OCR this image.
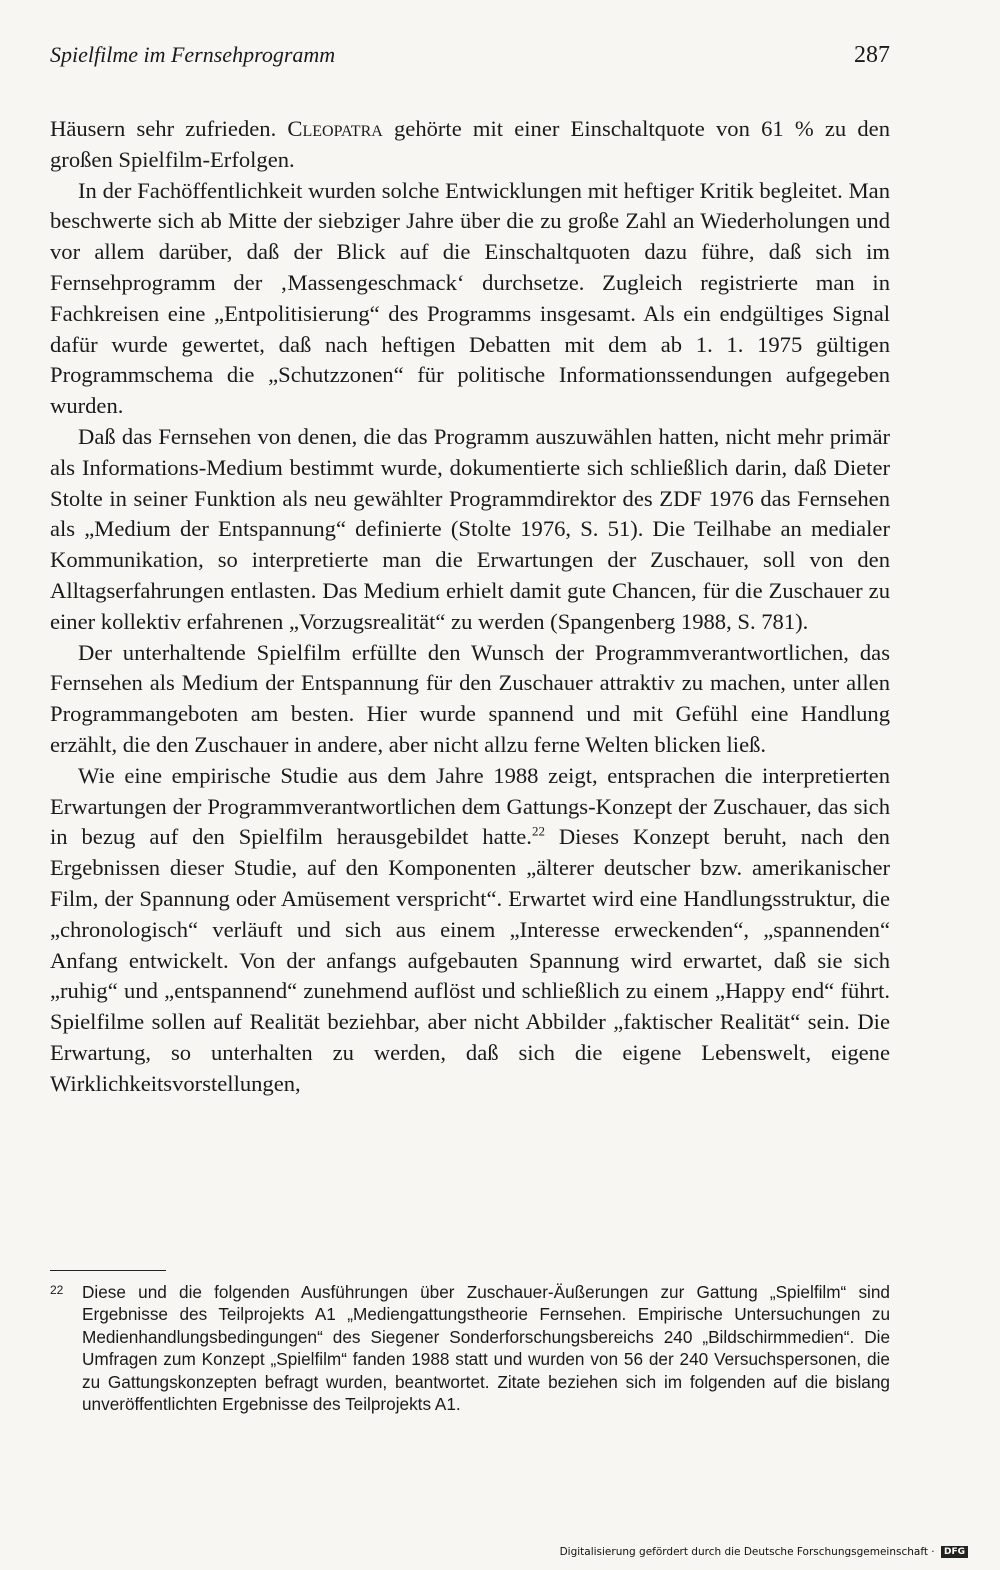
Spielfilme im Fernsehprogramm	287

Häusern sehr zufrieden. Cleopatra gehörte mit einer Einschaltquote von 61 % zu den großen Spielfilm-Erfolgen.

In der Fachöffentlichkeit wurden solche Entwicklungen mit heftiger Kritik begleitet. Man beschwerte sich ab Mitte der siebziger Jahre über die zu große Zahl an Wiederholungen und vor allem darüber, daß der Blick auf die Einschaltquoten dazu führe, daß sich im Fernsehprogramm der ‚Massengeschmack‘ durchsetze. Zugleich registrierte man in Fachkreisen eine „Entpolitisierung“ des Programms insgesamt. Als ein endgültiges Signal dafür wurde gewertet, daß nach heftigen Debatten mit dem ab 1. 1. 1975 gültigen Programmschema die „Schutzzonen“ für politische Informationssendungen aufgegeben wurden.

Daß das Fernsehen von denen, die das Programm auszuwählen hatten, nicht mehr primär als Informations-Medium bestimmt wurde, dokumentierte sich schließlich darin, daß Dieter Stolte in seiner Funktion als neu gewählter Programmdirektor des ZDF 1976 das Fernsehen als „Medium der Entspannung“ definierte (Stolte 1976, S. 51). Die Teilhabe an medialer Kommunikation, so interpretierte man die Erwartungen der Zuschauer, soll von den Alltagserfahrungen entlasten. Das Medium erhielt damit gute Chancen, für die Zuschauer zu einer kollektiv erfahrenen „Vorzugsrealität“ zu werden (Spangenberg 1988, S. 781).

Der unterhaltende Spielfilm erfüllte den Wunsch der Programmverantwortlichen, das Fernsehen als Medium der Entspannung für den Zuschauer attraktiv zu machen, unter allen Programmangeboten am besten. Hier wurde spannend und mit Gefühl eine Handlung erzählt, die den Zuschauer in andere, aber nicht allzu ferne Welten blicken ließ.

Wie eine empirische Studie aus dem Jahre 1988 zeigt, entsprachen die interpretierten Erwartungen der Programmverantwortlichen dem Gattungs-Konzept der Zuschauer, das sich in bezug auf den Spielfilm herausgebildet hatte.$^{22}$ Dieses Konzept beruht, nach den Ergebnissen dieser Studie, auf den Komponenten „älterer deutscher bzw. amerikanischer Film, der Spannung oder Amüsement verspricht“. Erwartet wird eine Handlungsstruktur, die „chronologisch“ verläuft und sich aus einem „Interesse erweckenden“, „spannenden“ Anfang entwickelt. Von der anfangs aufgebauten Spannung wird erwartet, daß sie sich „ruhig“ und „entspannend“ zunehmend auflöst und schließlich zu einem „Happy end“ führt. Spielfilme sollen auf Realität beziehbar, aber nicht Abbilder „faktischer Realität“ sein. Die Erwartung, so unterhalten zu werden, daß sich die eigene Lebenswelt, eigene Wirklichkeitsvorstellungen,

22 Diese und die folgenden Ausführungen über Zuschauer-Äußerungen zur Gattung „Spielfilm“ sind Ergebnisse des Teilprojekts A1 „Mediengattungstheorie Fernsehen. Empirische Untersuchungen zu Medienhandlungsbedingungen“ des Siegener Sonderforschungsbereichs 240 „Bildschirmmedien“. Die Umfragen zum Konzept „Spielfilm“ fanden 1988 statt und wurden von 56 der 240 Versuchspersonen, die zu Gattungskonzepten befragt wurden, beantwortet. Zitate beziehen sich im folgenden auf die bislang unveröffentlichten Ergebnisse des Teilprojekts A1.
Digitalisierung gefördert durch die Deutsche Forschungsgemeinschaft · DFG
